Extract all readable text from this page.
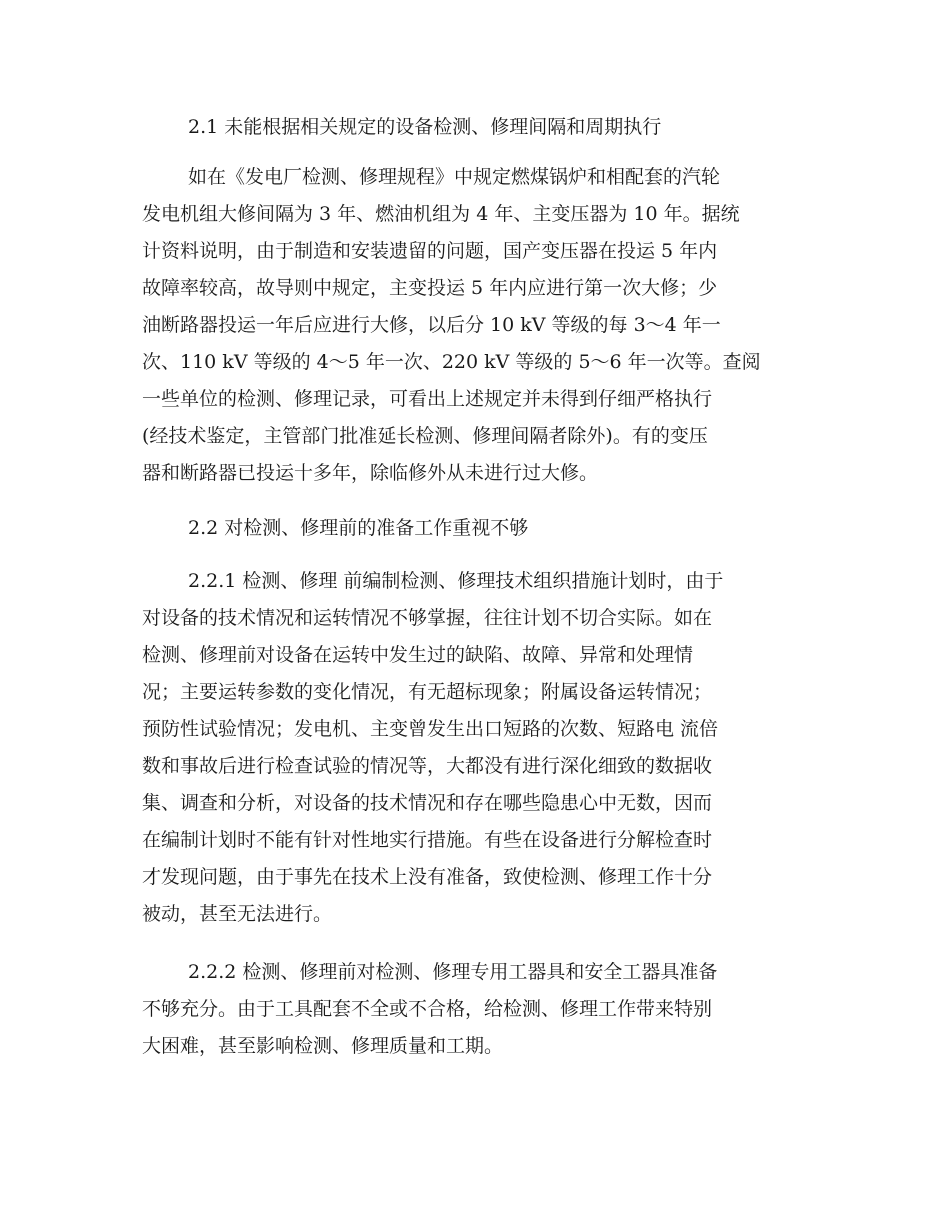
2.1 未能根据相关规定的设备检测、修理间隔和周期执行
如在《发电厂检测、修理规程》中规定燃煤锅炉和相配套的汽轮
发电机组大修间隔为 3 年、燃油机组为 4 年、主变压器为 10 年。据统
计资料说明，由于制造和安装遗留的问题，国产变压器在投运 5 年内
故障率较高，故导则中规定，主变投运 5 年内应进行第一次大修；少
油断路器投运一年后应进行大修，以后分 10 kV 等级的每 3～4 年一
次、110 kV 等级的 4～5 年一次、220 kV 等级的 5～6 年一次等。查阅
一些单位的检测、修理记录，可看出上述规定并未得到仔细严格执行
(经技术鉴定，主管部门批准延长检测、修理间隔者除外)。有的变压
器和断路器已投运十多年，除临修外从未进行过大修。
2.2 对检测、修理前的准备工作重视不够
2.2.1 检测、修理 前编制检测、修理技术组织措施计划时，由于
对设备的技术情况和运转情况不够掌握，往往计划不切合实际。如在
检测、修理前对设备在运转中发生过的缺陷、故障、异常和处理情
况；主要运转参数的变化情况，有无超标现象；附属设备运转情况；
预防性试验情况；发电机、主变曾发生出口短路的次数、短路电 流倍
数和事故后进行检查试验的情况等，大都没有进行深化细致的数据收
集、调查和分析，对设备的技术情况和存在哪些隐患心中无数，因而
在编制计划时不能有针对性地实行措施。有些在设备进行分解检查时
才发现问题，由于事先在技术上没有准备，致使检测、修理工作十分
被动，甚至无法进行。
2.2.2 检测、修理前对检测、修理专用工器具和安全工器具准备
不够充分。由于工具配套不全或不合格，给检测、修理工作带来特别
大困难，甚至影响检测、修理质量和工期。
